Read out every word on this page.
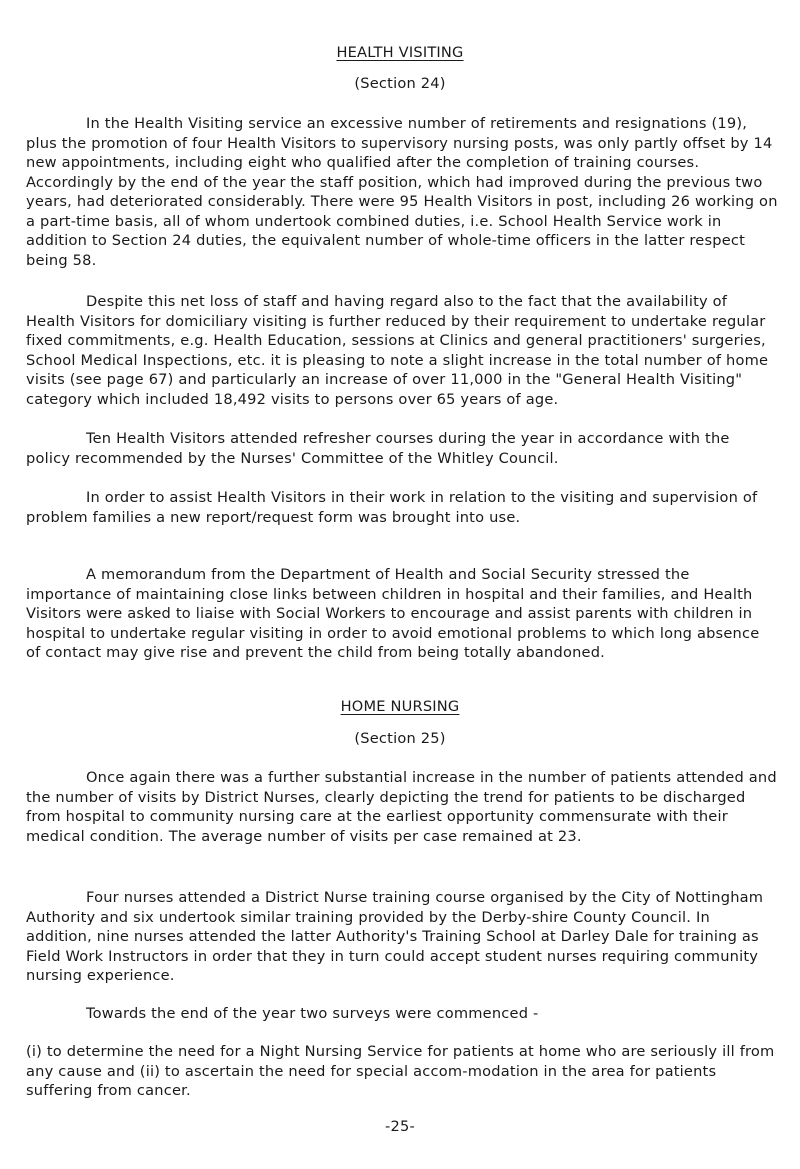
HEALTH VISITING

(Section 24)

In the Health Visiting service an excessive number of retirements and resignations (19), plus the promotion of four Health Visitors to supervisory nursing posts, was only partly offset by 14 new appointments, including eight who qualified after the completion of training courses. Accordingly by the end of the year the staff position, which had improved during the previous two years, had deteriorated considerably. There were 95 Health Visitors in post, including 26 working on a part-time basis, all of whom undertook combined duties, i.e. School Health Service work in addition to Section 24 duties, the equivalent number of whole-time officers in the latter respect being 58.

Despite this net loss of staff and having regard also to the fact that the availability of Health Visitors for domiciliary visiting is further reduced by their requirement to undertake regular fixed commitments, e.g. Health Education, sessions at Clinics and general practitioners' surgeries, School Medical Inspections, etc. it is pleasing to note a slight increase in the total number of home visits (see page 67) and particularly an increase of over 11,000 in the "General Health Visiting" category which included 18,492 visits to persons over 65 years of age.

Ten Health Visitors attended refresher courses during the year in accordance with the policy recommended by the Nurses' Committee of the Whitley Council.

In order to assist Health Visitors in their work in relation to the visiting and supervision of problem families a new report/request form was brought into use.

A memorandum from the Department of Health and Social Security stressed the importance of maintaining close links between children in hospital and their families, and Health Visitors were asked to liaise with Social Workers to encourage and assist parents with children in hospital to undertake regular visiting in order to avoid emotional problems to which long absence of contact may give rise and prevent the child from being totally abandoned.

HOME NURSING

(Section 25)

Once again there was a further substantial increase in the number of patients attended and the number of visits by District Nurses, clearly depicting the trend for patients to be discharged from hospital to community nursing care at the earliest opportunity commensurate with their medical condition. The average number of visits per case remained at 23.

Four nurses attended a District Nurse training course organised by the City of Nottingham Authority and six undertook similar training provided by the Derby-shire County Council. In addition, nine nurses attended the latter Authority's Training School at Darley Dale for training as Field Work Instructors in order that they in turn could accept student nurses requiring community nursing experience.

Towards the end of the year two surveys were commenced -

(i) to determine the need for a Night Nursing Service for patients at home who are seriously ill from any cause and (ii) to ascertain the need for special accom-modation in the area for patients suffering from cancer.

-25-
